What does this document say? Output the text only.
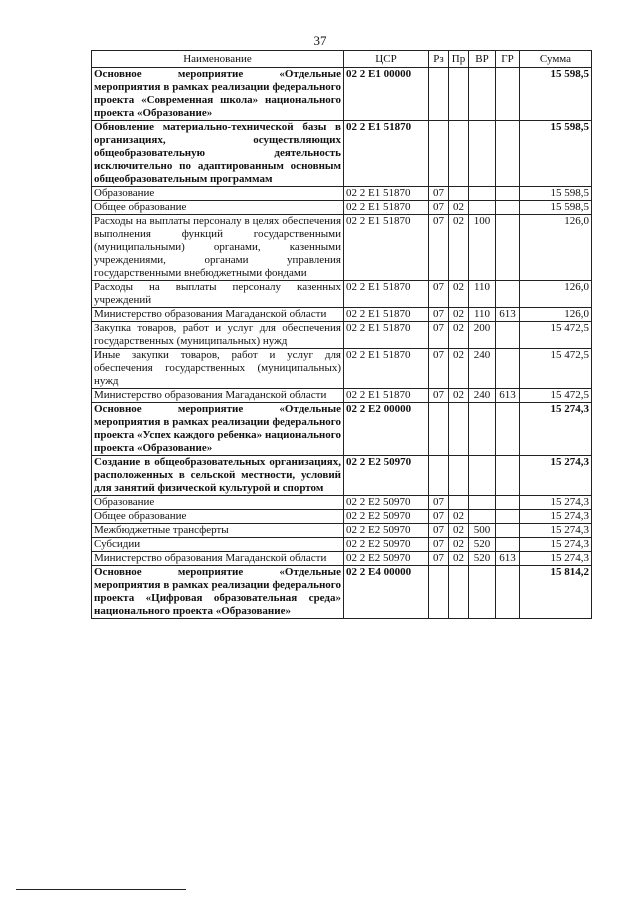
37
Наименование	ЦСР	Рз	Пр	ВР	ГР	Сумма
Основное мероприятие «Отдельные мероприятия в рамках реализации федерального проекта «Современная школа» национального проекта «Образование»	02 2 E1 00000					15 598,5
Обновление материально-технической базы в организациях, осуществляющих общеобразовательную деятельность исключительно по адаптированным основным общеобразовательным программам	02 2 E1 51870					15 598,5
Образование	02 2 E1 51870	07				15 598,5
Общее образование	02 2 E1 51870	07	02			15 598,5
Расходы на выплаты персоналу в целях обеспечения выполнения функций государственными (муниципальными) органами, казенными учреждениями, органами управления государственными внебюджетными фондами	02 2 E1 51870	07	02	100		126,0
Расходы на выплаты персоналу казенных учреждений	02 2 E1 51870	07	02	110		126,0
Министерство образования Магаданской области	02 2 E1 51870	07	02	110	613	126,0
Закупка товаров, работ и услуг для обеспечения государственных (муниципальных) нужд	02 2 E1 51870	07	02	200		15 472,5
Иные закупки товаров, работ и услуг для обеспечения государственных (муниципальных) нужд	02 2 E1 51870	07	02	240		15 472,5
Министерство образования Магаданской области	02 2 E1 51870	07	02	240	613	15 472,5
Основное мероприятие «Отдельные мероприятия в рамках реализации федерального проекта «Успех каждого ребенка» национального проекта «Образование»	02 2 E2 00000					15 274,3
Создание в общеобразовательных организациях, расположенных в сельской местности, условий для занятий физической культурой и спортом	02 2 E2 50970					15 274,3
Образование	02 2 E2 50970	07				15 274,3
Общее образование	02 2 E2 50970	07	02			15 274,3
Межбюджетные трансферты	02 2 E2 50970	07	02	500		15 274,3
Субсидии	02 2 E2 50970	07	02	520		15 274,3
Министерство образования Магаданской области	02 2 E2 50970	07	02	520	613	15 274,3
Основное мероприятие «Отдельные мероприятия в рамках реализации федерального проекта «Цифровая образовательная среда» национального проекта «Образование»	02 2 E4 00000					15 814,2
